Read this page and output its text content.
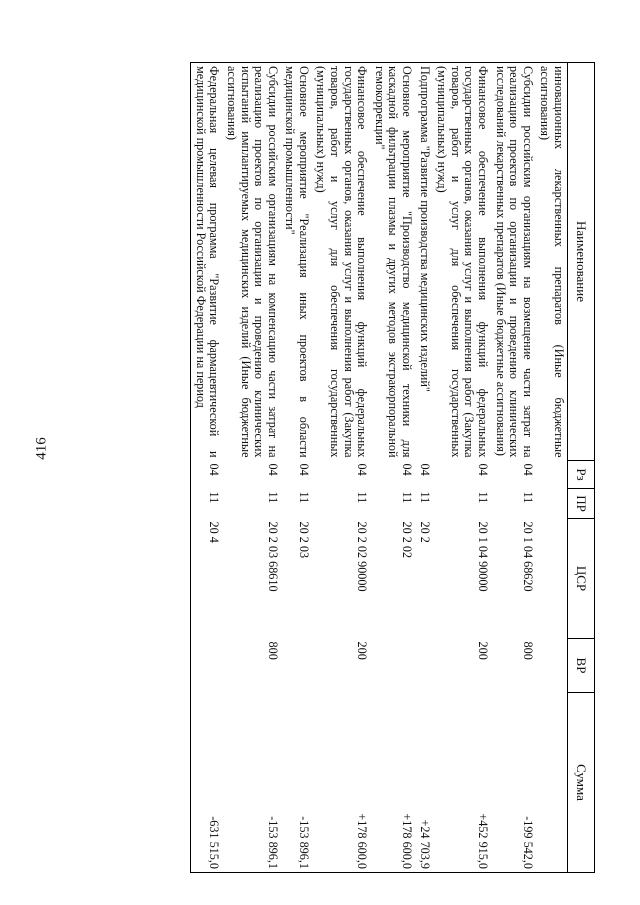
416
Наименование	Рз	ПР	ЦСР	ВР	Сумма
инновационных лекарственных препаратов (Иные бюджетные ассигнования)					
Субсидии российским организациям на возмещение части затрат на реализацию проектов по организации и проведению клинических исследований лекарственных препаратов (Иные бюджетные ассигнования)	04	11	20 1 04 68620	800	-199 542,0
Финансовое обеспечение выполнения функций федеральных государственных органов, оказания услуг и выполнения работ (Закупка товаров, работ и услуг для обеспечения государственных (муниципальных) нужд)	04	11	20 1 04 90000	200	+452 915,0
Подпрограмма "Развитие производства медицинских изделий"	04	11	20 2		+24 703,9
Основное мероприятие "Производство медицинской техники для каскадной фильтрации плазмы и других методов экстракорпоральной гемокоррекции"	04	11	20 2 02		+178 600,0
Финансовое обеспечение выполнения функций федеральных государственных органов, оказания услуг и выполнения работ (Закупка товаров, работ и услуг для обеспечения государственных (муниципальных) нужд)	04	11	20 2 02 90000	200	+178 600,0
Основное мероприятие "Реализация иных проектов в области медицинской промышленности"	04	11	20 2 03		-153 896,1
Субсидии российским организациям на компенсацию части затрат на реализацию проектов по организации и проведению клинических испытаний имплантируемых медицинских изделий (Иные бюджетные ассигнования)	04	11	20 2 03 68610	800	-153 896,1
Федеральная целевая программа "Развитие фармацевтической и медицинской промышленности Российской Федерации на период	04	11	20 4		-631 515,0
